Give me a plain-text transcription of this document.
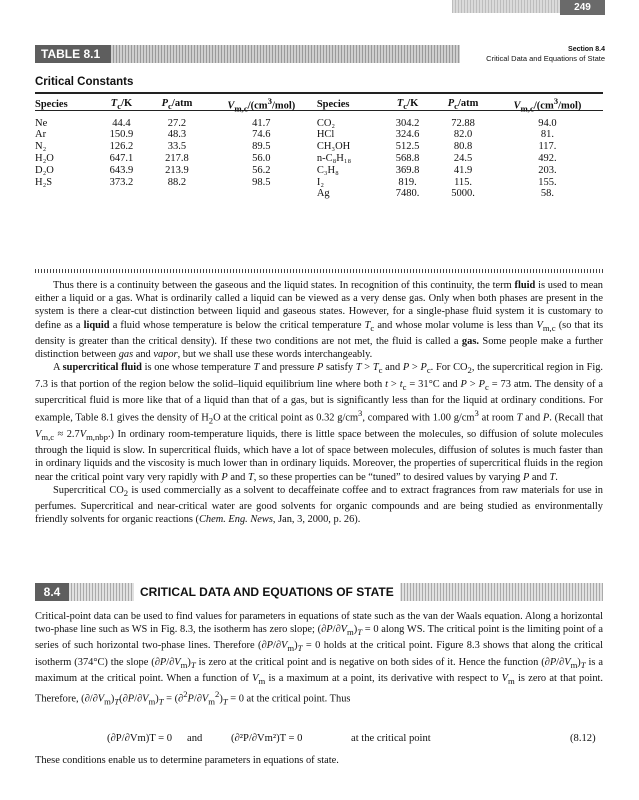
249
Section 8.4
Critical Data and Equations of State
TABLE 8.1
Critical Constants
Species	$T_c/K$	$P_c$/atm	$V_{m,c}/(cm^3/mol)$	Species	$T_c/K$	$P_c$/atm	$V_{m,c}/(cm^3/mol)$

Ne	44.4	27.2	41.7	CO₂	304.2	72.88	94.0
Ar	150.9	48.3	74.6	HCl	324.6	82.0	81.
N₂	126.2	33.5	89.5	CH₃OH	512.5	80.8	117.
H₂O	647.1	217.8	56.0	n-C₈H₁₈	568.8	24.5	492.
D₂O	643.9	213.9	56.2	C₃H₈	369.8	41.9	203.
H₂S	373.2	88.2	98.5	I₂	819.	115.	155.
				Ag	7480.	5000.	58.

Thus there is a continuity between the gaseous and the liquid states. In recognition of this continuity, the term fluid is used to mean either a liquid or a gas. What is ordinarily called a liquid can be viewed as a very dense gas. Only when both phases are present in the system is there a clear-cut distinction between liquid and gaseous states. However, for a single-phase fluid system it is customary to define as a liquid a fluid whose temperature is below the critical temperature $T_c$ and whose molar volume is less than $V_{m,c}$ (so that its density is greater than the critical density). If these two conditions are not met, the fluid is called a gas. Some people make a further distinction between gas and vapor, but we shall use these words interchangeably.

A supercritical fluid is one whose temperature T and pressure P satisfy $T > T_c$ and $P > P_c$. For $CO_2$, the supercritical region in Fig. 7.3 is that portion of the region below the solid–liquid equilibrium line where both $t > t_c = 31^\circ C$ and $P > P_c = 73$ atm. The density of a supercritical fluid is more like that of a liquid than that of a gas, but is significantly less than for the liquid at ordinary conditions. For example, Table 8.1 gives the density of $H_2O$ at the critical point as 0.32 $g/cm^3$, compared with 1.00 $g/cm^3$ at room T and P. (Recall that $V_{m,c} \approx 2.7V_{m,nbp}$.) In ordinary room-temperature liquids, there is little space between the molecules, so diffusion of solute molecules through the liquid is slow. In supercritical fluids, which have a lot of space between molecules, diffusion of solutes is much faster than in ordinary liquids and the viscosity is much lower than in ordinary liquids. Moreover, the properties of supercritical fluids in the region near the critical point vary very rapidly with P and T, so these properties can be “tuned” to desired values by varying P and T.

Supercritical $CO_2$ is used commercially as a solvent to decaffeinate coffee and to extract fragrances from raw materials for use in perfumes. Supercritical and near-critical water are good solvents for organic compounds and are being studied as environmentally friendly solvents for organic reactions (Chem. Eng. News, Jan, 3, 2000, p. 26).

8.4	CRITICAL DATA AND EQUATIONS OF STATE

Critical-point data can be used to find values for parameters in equations of state such as the van der Waals equation. Along a horizontal two-phase line such as WS in Fig. 8.3, the isotherm has zero slope; $(\partial P/\partial V_m)_T = 0$ along WS. The critical point is the limiting point of a series of such horizontal two-phase lines. Therefore $(\partial P/\partial V_m)_T = 0$ holds at the critical point. Figure 8.3 shows that along the critical isotherm (374°C) the slope $(\partial P/\partial V_m)_T$ is zero at the critical point and is negative on both sides of it. Hence the function $(\partial P/\partial V_m)_T$ is a maximum at the critical point. When a function of $V_m$ is a maximum at a point, its derivative with respect to $V_m$ is zero at that point. Therefore, $(\partial/\partial V_m)_T(\partial P/\partial V_m)_T = (\partial^2P/\partial V_m^2)_T = 0$ at the critical point. Thus

(∂P/∂Vm)T = 0 and	(∂²P/∂Vm²)T = 0	at the critical point	(8.12)
These conditions enable us to determine parameters in equations of state.
